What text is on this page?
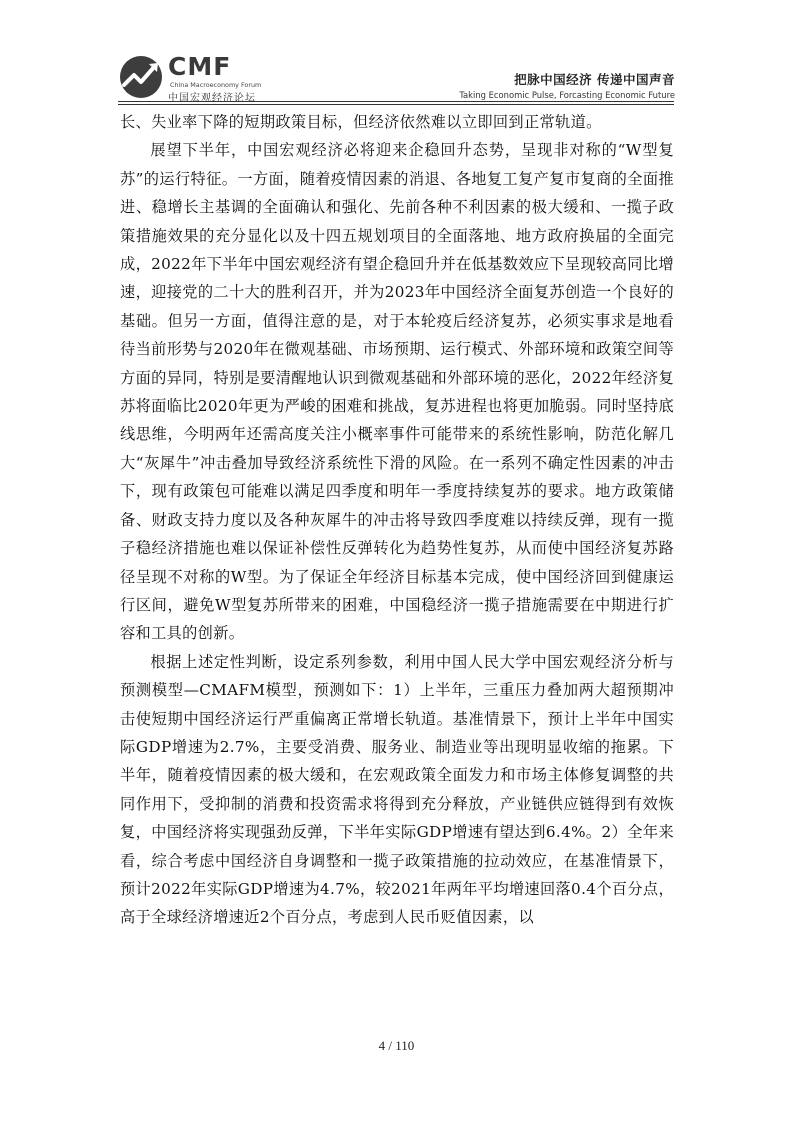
CMF
China Macroeconomy Forum
中国宏观经济论坛
把脉中国经济 传递中国声音
Taking Economic Pulse, Forcasting Economic Future

长、失业率下降的短期政策目标，但经济依然难以立即回到正常轨道。

展望下半年，中国宏观经济必将迎来企稳回升态势，呈现非对称的“W型复苏”的运行特征。一方面，随着疫情因素的消退、各地复工复产复市复商的全面推进、稳增长主基调的全面确认和强化、先前各种不利因素的极大缓和、一揽子政策措施效果的充分显化以及十四五规划项目的全面落地、地方政府换届的全面完成，2022年下半年中国宏观经济有望企稳回升并在低基数效应下呈现较高同比增速，迎接党的二十大的胜利召开，并为2023年中国经济全面复苏创造一个良好的基础。但另一方面，值得注意的是，对于本轮疫后经济复苏，必须实事求是地看待当前形势与2020年在微观基础、市场预期、运行模式、外部环境和政策空间等方面的异同，特别是要清醒地认识到微观基础和外部环境的恶化，2022年经济复苏将面临比2020年更为严峻的困难和挑战，复苏进程也将更加脆弱。同时坚持底线思维，今明两年还需高度关注小概率事件可能带来的系统性影响，防范化解几大“灰犀牛”冲击叠加导致经济系统性下滑的风险。在一系列不确定性因素的冲击下，现有政策包可能难以满足四季度和明年一季度持续复苏的要求。地方政策储备、财政支持力度以及各种灰犀牛的冲击将导致四季度难以持续反弹，现有一揽子稳经济措施也难以保证补偿性反弹转化为趋势性复苏，从而使中国经济复苏路径呈现不对称的W型。为了保证全年经济目标基本完成，使中国经济回到健康运行区间，避免W型复苏所带来的困难，中国稳经济一揽子措施需要在中期进行扩容和工具的创新。

根据上述定性判断，设定系列参数，利用中国人民大学中国宏观经济分析与预测模型—CMAFM模型，预测如下：1）上半年，三重压力叠加两大超预期冲击使短期中国经济运行严重偏离正常增长轨道。基准情景下，预计上半年中国实际GDP增速为2.7%，主要受消费、服务业、制造业等出现明显收缩的拖累。下半年，随着疫情因素的极大缓和，在宏观政策全面发力和市场主体修复调整的共同作用下，受抑制的消费和投资需求将得到充分释放，产业链供应链得到有效恢复，中国经济将实现强劲反弹，下半年实际GDP增速有望达到6.4%。2）全年来看，综合考虑中国经济自身调整和一揽子政策措施的拉动效应，在基准情景下，预计2022年实际GDP增速为4.7%，较2021年两年平均增速回落0.4个百分点，高于全球经济增速近2个百分点，考虑到人民币贬值因素，以

4 / 110
